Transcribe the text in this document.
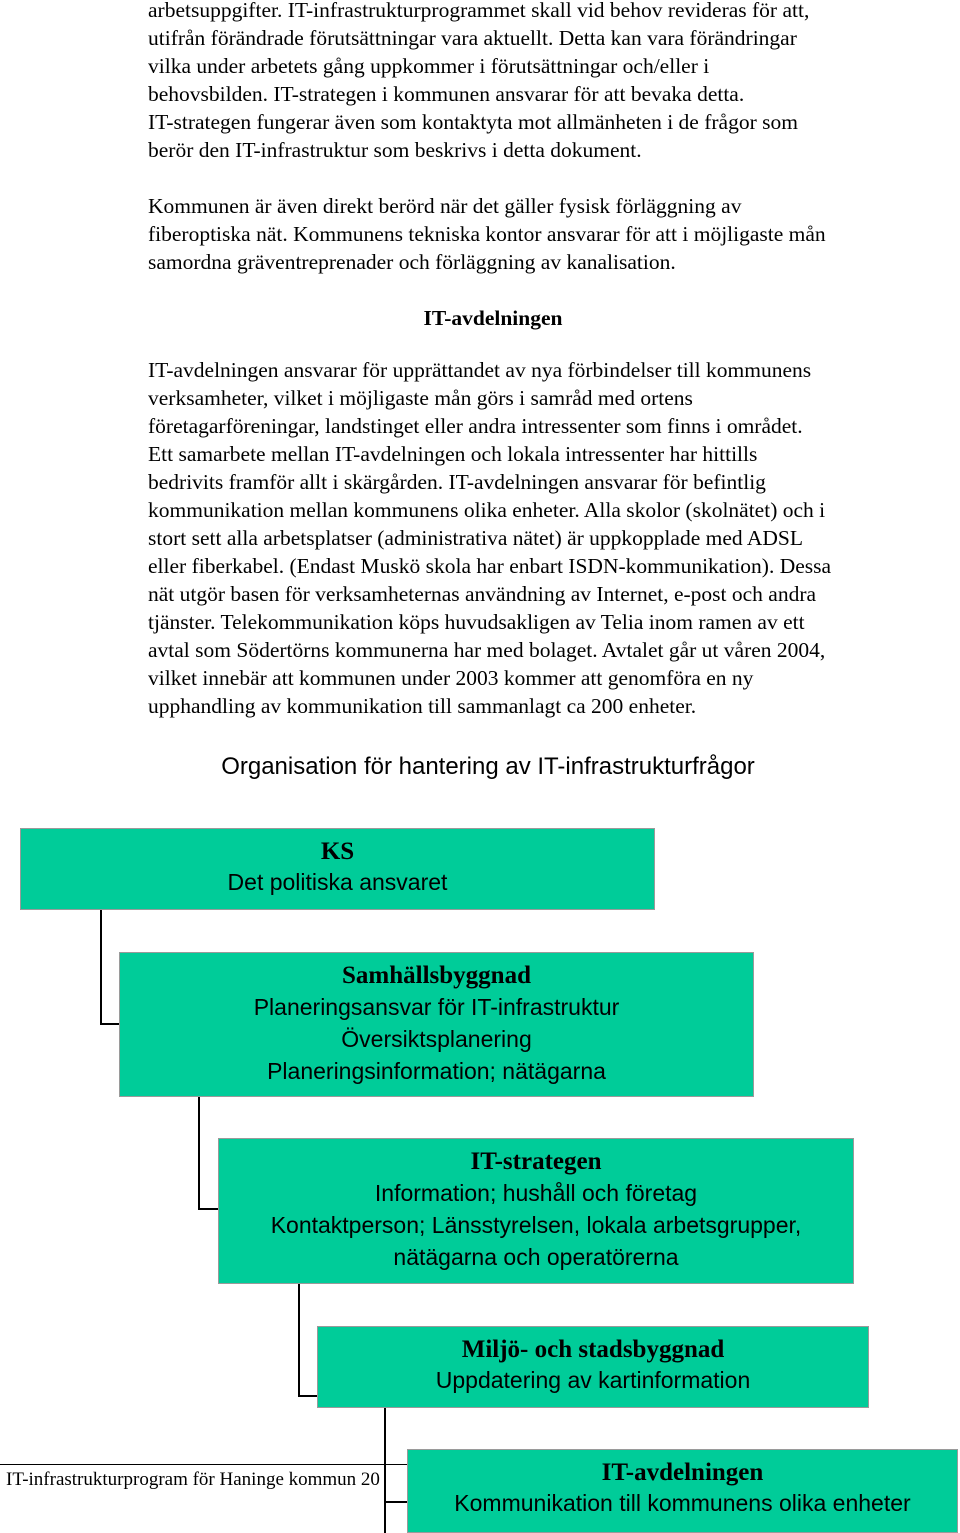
arbetsuppgifter. IT-infrastrukturprogrammet skall vid behov revideras för att,
utifrån förändrade förutsättningar vara aktuellt. Detta kan vara förändringar
vilka under arbetets gång uppkommer i förutsättningar och/eller i
behovsbilden. IT-strategen i kommunen ansvarar för att bevaka detta.
IT-strategen fungerar även som kontaktyta mot allmänheten i de frågor som
berör den IT-infrastruktur som beskrivs i detta dokument.
Kommunen är även direkt berörd när det gäller fysisk förläggning av
fiberoptiska nät. Kommunens tekniska kontor ansvarar för att i möjligaste mån
samordna gräventreprenader och förläggning av kanalisation.
IT-avdelningen
IT-avdelningen ansvarar för upprättandet av nya förbindelser till kommunens
verksamheter, vilket i möjligaste mån görs i samråd med ortens
företagarföreningar, landstinget eller andra intressenter som finns i området.
Ett samarbete mellan IT-avdelningen och lokala intressenter har hittills
bedrivits framför allt i skärgården. IT-avdelningen ansvarar för befintlig
kommunikation mellan kommunens olika enheter. Alla skolor (skolnätet) och i
stort sett alla arbetsplatser (administrativa nätet) är uppkopplade med ADSL
eller fiberkabel. (Endast Muskö skola har enbart ISDN-kommunikation). Dessa
nät utgör basen för verksamheternas användning av Internet, e-post och andra
tjänster. Telekommunikation köps huvudsakligen av Telia inom ramen av ett
avtal som Södertörns kommunerna har med bolaget. Avtalet går ut våren 2004,
vilket innebär att kommunen under 2003 kommer att genomföra en ny
upphandling av kommunikation till sammanlagt ca 200 enheter.
Organisation för hantering av IT-infrastrukturfrågor
KS
Det politiska ansvaret
Samhällsbyggnad
Planeringsansvar för IT-infrastruktur
Översiktsplanering
Planeringsinformation; nätägarna
IT-strategen
Information; hushåll och företag
Kontaktperson; Länsstyrelsen, lokala arbetsgrupper,
nätägarna och operatörerna
Miljö- och stadsbyggnad
Uppdatering av kartinformation
IT-infrastrukturprogram för Haninge kommun 20	IT-avdelningen
Kommunikation till kommunens olika enheter
